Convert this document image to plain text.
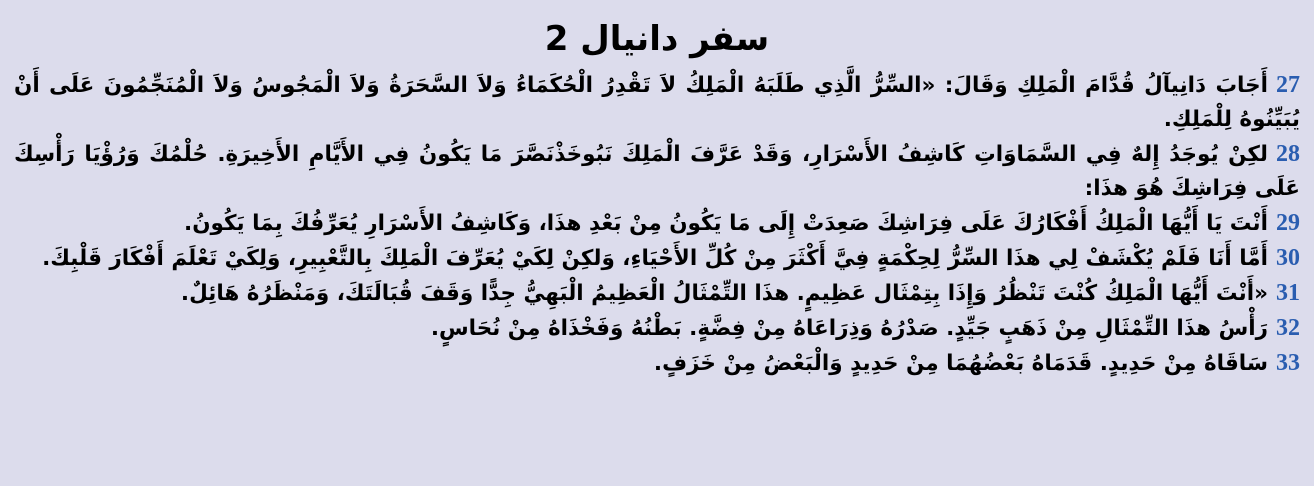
سفر دانيال 2

27أَجَابَ دَانِيآلُ قُدَّامَ الْمَلِكِ وَقَالَ: «السِّرُّ الَّذِي طَلَبَهُ الْمَلِكُ لاَ تَقْدِرُ الْحُكَمَاءُ وَلاَ السَّحَرَةُ وَلاَ الْمَجُوسُ وَلاَ الْمُنَجِّمُونَ عَلَى أَنْ يُبَيِّنُوهُ لِلْمَلِكِ.

28لكِنْ يُوجَدُ إِلهٌ فِي السَّمَاوَاتِ كَاشِفُ الأَسْرَارِ، وَقَدْ عَرَّفَ الْمَلِكَ نَبُوخَذْنَصَّرَ مَا يَكُونُ فِي الأَيَّامِ الأَخِيرَةِ. حُلْمُكَ وَرُؤْيَا رَأْسِكَ عَلَى فِرَاشِكَ هُوَ هذَا:

29أَنْتَ يَا أَيُّهَا الْمَلِكُ أَفْكَارُكَ عَلَى فِرَاشِكَ صَعِدَتْ إِلَى مَا يَكُونُ مِنْ بَعْدِ هذَا، وَكَاشِفُ الأَسْرَارِ يُعَرِّفُكَ بِمَا يَكُونُ.

30أَمَّا أَنَا فَلَمْ يُكْشَفْ لِي هذَا السِّرُّ لِحِكْمَةٍ فِيَّ أَكْثَرَ مِنْ كُلِّ الأَحْيَاءِ، وَلكِنْ لِكَيْ يُعَرِّفَ الْمَلِكَ بِالتَّعْبِيرِ، وَلِكَيْ تَعْلَمَ أَفْكَارَ قَلْبِكَ.

31«أَنْتَ أَيُّهَا الْمَلِكُ كُنْتَ تَنْظُرُ وَإِذَا بِتِمْثَال عَظِيمٍ. هذَا التِّمْثَالُ الْعَظِيمُ الْبَهِيُّ جِدًّا وَقَفَ قُبَالَتَكَ، وَمَنْظَرُهُ هَائِلٌ.

32رَأْسُ هذَا التِّمْثَالِ مِنْ ذَهَبٍ جَيِّدٍ. صَدْرُهُ وَذِرَاعَاهُ مِنْ فِضَّةٍ. بَطْنُهُ وَفَخْذَاهُ مِنْ نُحَاسٍ.

33سَاقَاهُ مِنْ حَدِيدٍ. قَدَمَاهُ بَعْضُهُمَا مِنْ حَدِيدٍ وَالْبَعْضُ مِنْ خَزَفٍ.
